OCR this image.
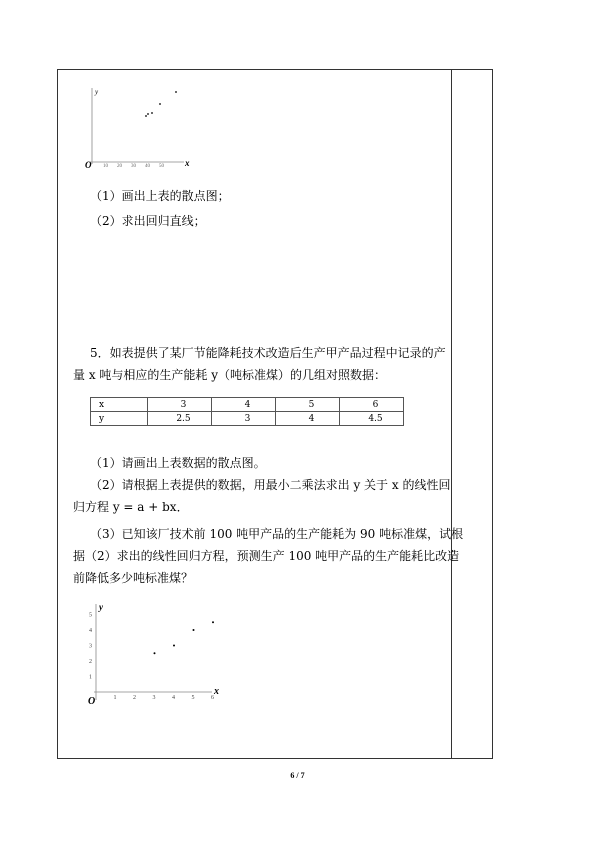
y
x
O 10 20 30 40 50
（1）画出上表的散点图；
（2）求出回归直线；
5．如表提供了某厂节能降耗技术改造后生产甲产品过程中记录的产
量 x 吨与相应的生产能耗 y（吨标准煤）的几组对照数据：
x	3	4	5	6
y	2.5	3	4	4.5
（1）请画出上表数据的散点图。
（2）请根据上表提供的数据，用最小二乘法求出 y 关于 x 的线性回
归方程 y = a + bx．
（3）已知该厂技术前 100 吨甲产品的生产能耗为 90 吨标准煤，试根
据（2）求出的线性回归方程，预测生产 100 吨甲产品的生产能耗比改造
前降低多少吨标准煤？
y
x
O
1
2
3
4
5
1	2	3	4	5	6
6 / 7
